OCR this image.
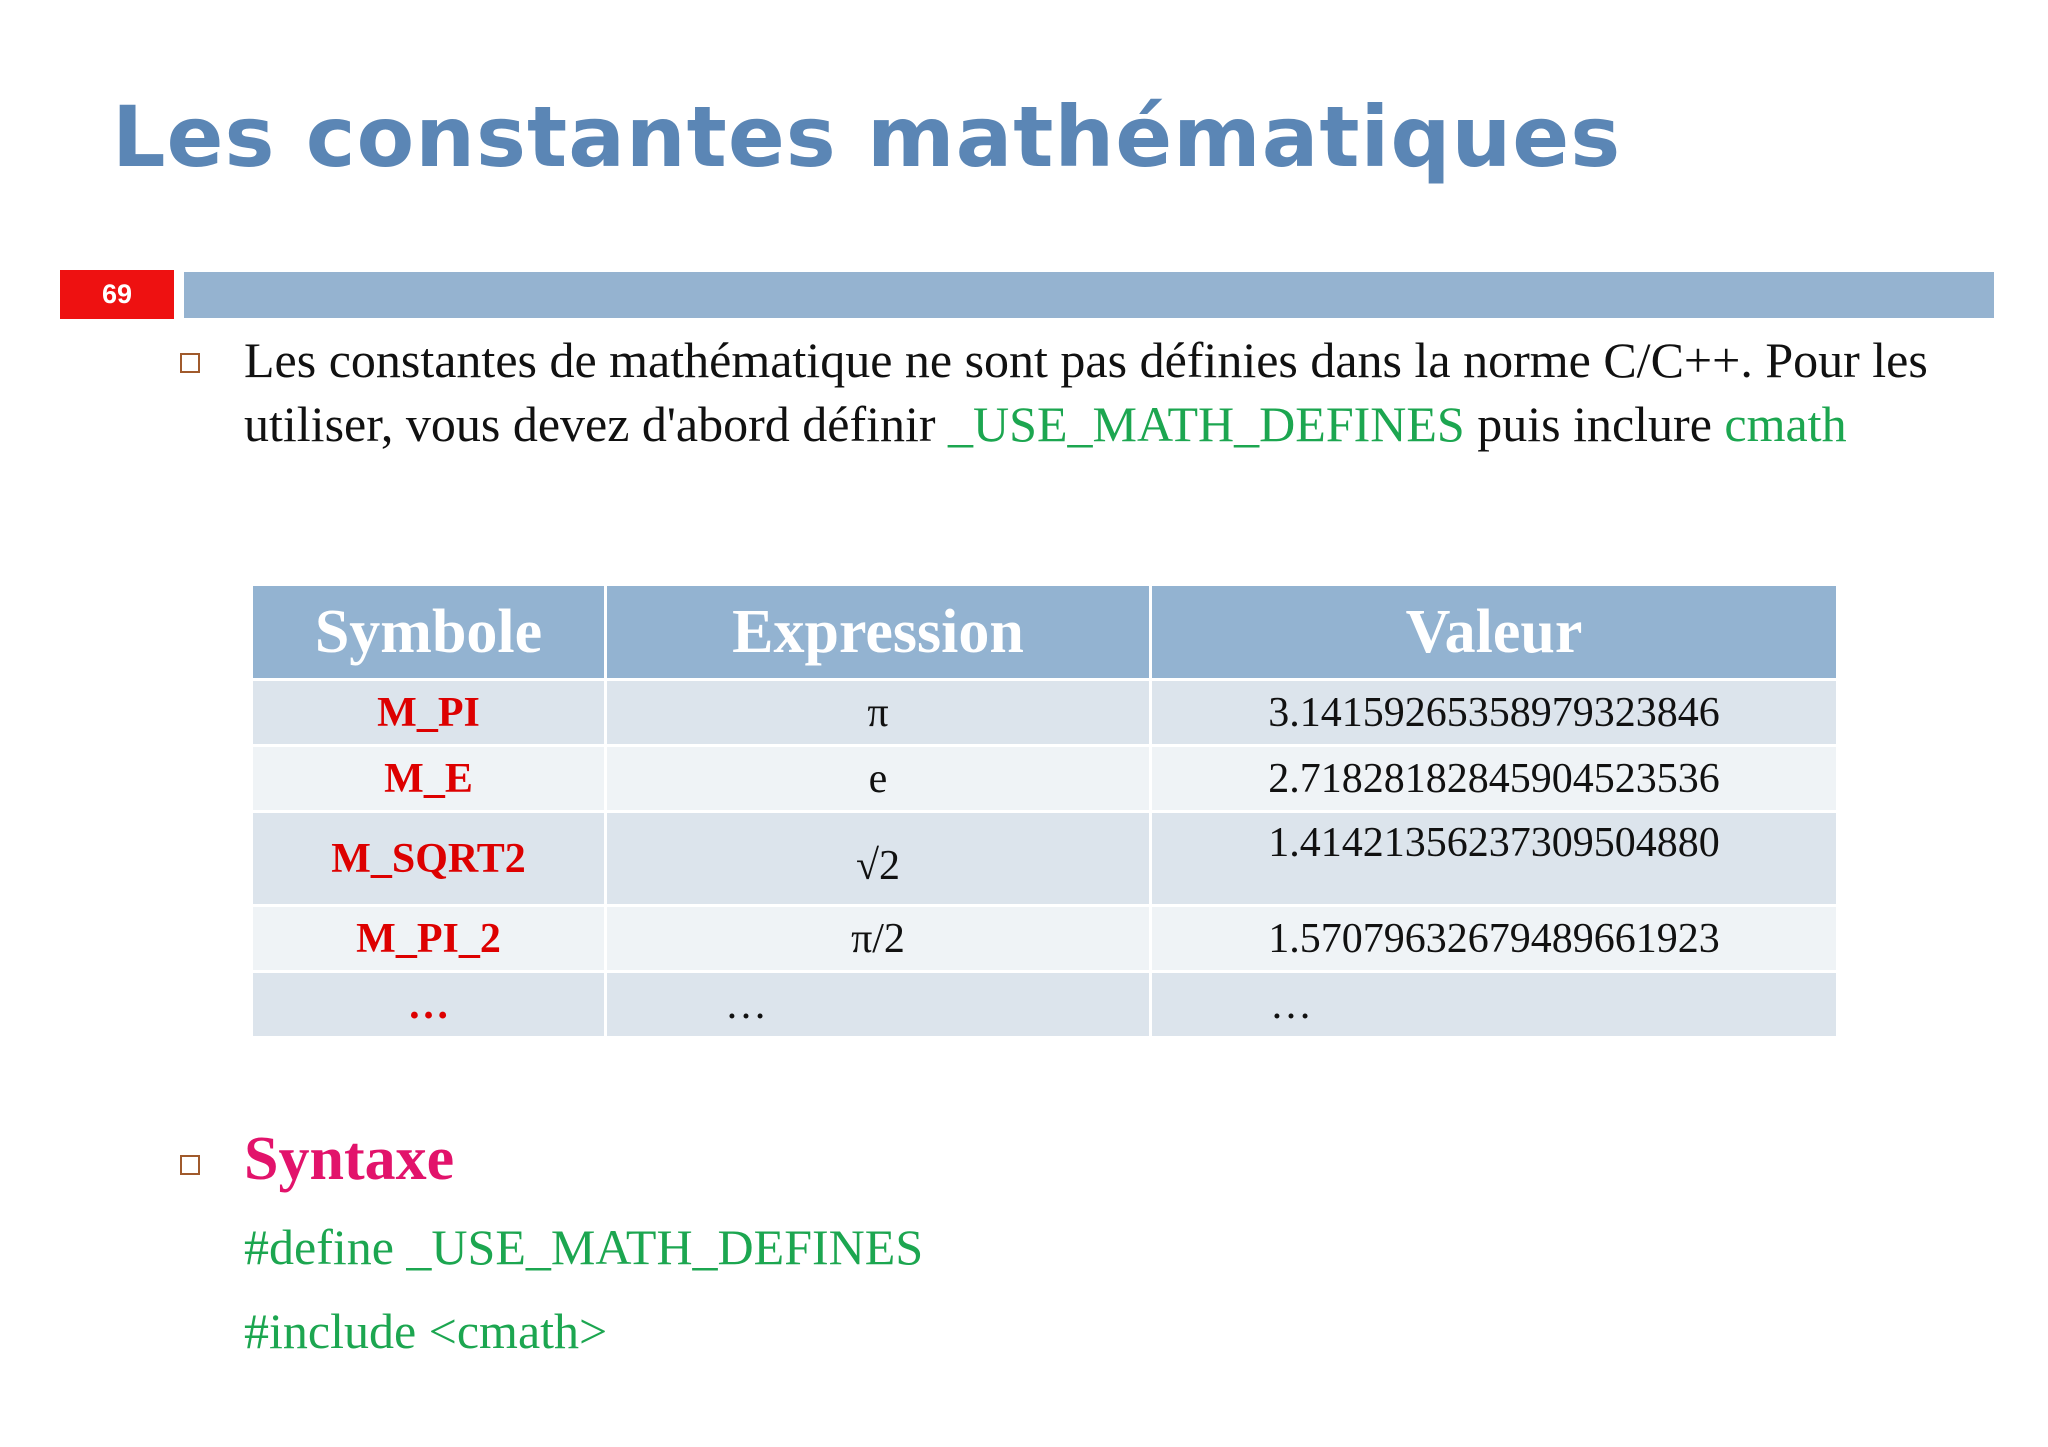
Les constantes mathématiques
69

Les constantes de mathématique ne sont pas définies dans la norme C/C++. Pour les utiliser, vous devez d'abord définir _USE_MATH_DEFINES puis inclure cmath

Symbole	Expression	Valeur
M_PI	π	3.14159265358979323846
M_E	e	2.71828182845904523536
M_SQRT2	√2	1.41421356237309504880
M_PI_2	π/2	1.57079632679489661923
…	…	…
Syntaxe

#define _USE_MATH_DEFINES

#include <cmath>
